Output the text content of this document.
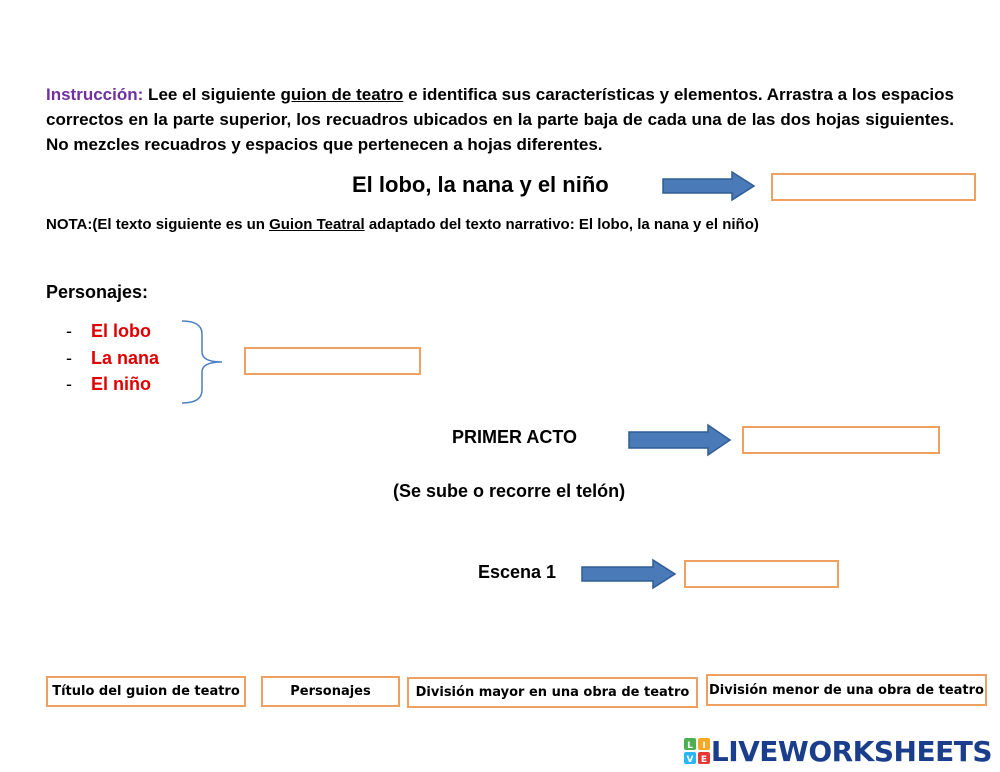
Instrucción: Lee el siguiente guion de teatro e identifica sus características y elementos. Arrastra a los espacios correctos en la parte superior, los recuadros ubicados en la parte baja de cada una de las dos hojas siguientes. No mezcles recuadros y espacios que pertenecen a hojas diferentes.
El lobo, la nana y el niño
NOTA:(El texto siguiente es un Guion Teatral adaptado del texto narrativo: El lobo, la nana y el niño)
Personajes:
- El lobo
- La nana
- El niño
PRIMER ACTO
(Se sube o recorre el telón)
Escena 1
Título del guion de teatro	Personajes	División mayor en una obra de teatro	División menor de una obra de teatro
L I
V E LIVEWORKSHEETS
